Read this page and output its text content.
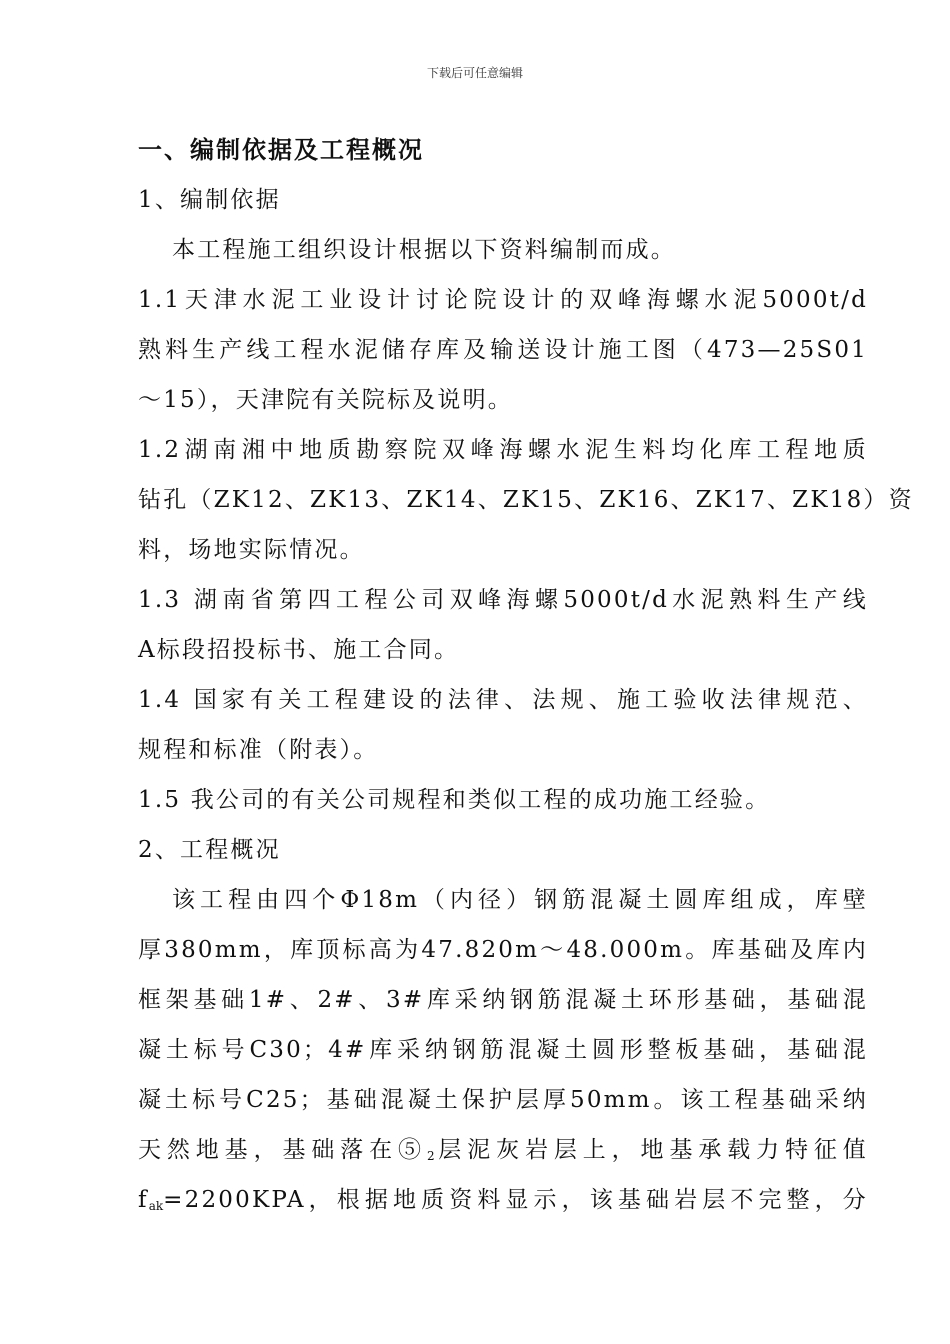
下载后可任意编辑
一、编制依据及工程概况
1、编制依据
本工程施工组织设计根据以下资料编制而成。
1.1天津水泥工业设计讨论院设计的双峰海螺水泥5000t/d
熟料生产线工程水泥储存库及输送设计施工图（473—25S01
～15），天津院有关院标及说明。
1.2湖南湘中地质勘察院双峰海螺水泥生料均化库工程地质
钻孔（ZK12、ZK13、ZK14、ZK15、ZK16、ZK17、ZK18）资
料，场地实际情况。
1.3 湖南省第四工程公司双峰海螺5000t/d水泥熟料生产线
A标段招投标书、施工合同。
1.4 国家有关工程建设的法律、法规、施工验收法律规范、
规程和标准（附表）。
1.5 我公司的有关公司规程和类似工程的成功施工经验。
2、工程概况
该工程由四个Φ18m（内径）钢筋混凝土圆库组成，库壁
厚380mm，库顶标高为47.820m～48.000m。库基础及库内
框架基础1#、2#、3#库采纳钢筋混凝土环形基础，基础混
凝土标号C30；4#库采纳钢筋混凝土圆形整板基础，基础混
凝土标号C25；基础混凝土保护层厚50mm。该工程基础采纳
天然地基，基础落在$⑤_2$层泥灰岩层上，地基承载力特征值
$f_{ak}=2200KPA$，根据地质资料显示，该基础岩层不完整，分
